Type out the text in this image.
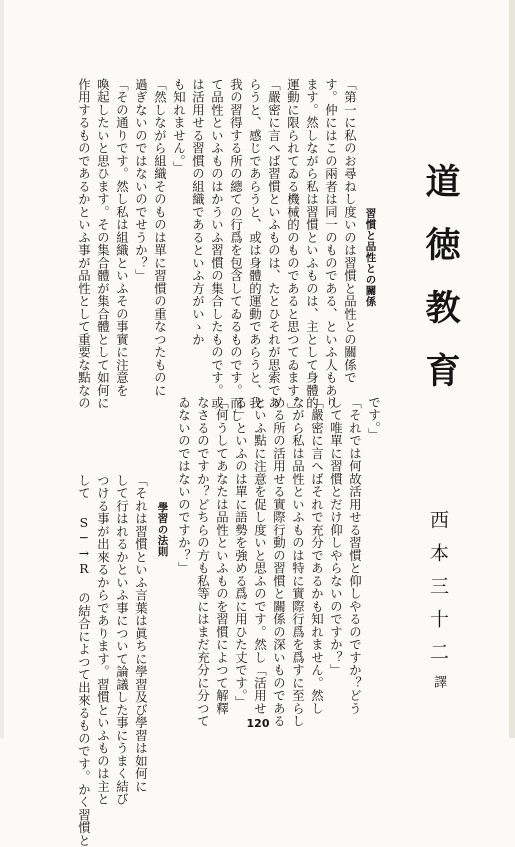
道徳教育
西本三十二譯
「第一に私のお尋ねし度いのは習慣と品性との關係で
す。仲にはこの兩者は同一のものである、といふ人もあり
ます。然しながら私は習慣といふものは、主として身體的
運動に限られてゐる機械的のものであると思つてゐます。」
「嚴密に言へば習慣といふものは、たとひそれが思索であ
らうと、感じであらうと、或は身體的運動であらうと、我
我の習得する所の總ての行爲を包含してゐるものです。而し
て品性といふものはかういふ習慣の集合したものです。或
は活用せる習慣の組織であるといふ方がいゝか
も知れません。」
「然しながら組織そのものは單に習慣の重なつたものに
過ぎないのではないのでせうか？」
「その通りです。然し私は組織といふその事實に注意を
喚起したいと思ひます。その集合體が集合體として如何に
作用するものであるかといふ事が品性として重要な點なの	習慣と品性との關係
です。」
「それでは何故活用せる習慣と仰しやるのですか？どう
して唯單に習慣とだけ仰しやらないのですか？」
「嚴密に言へばそれで充分であるかも知れません。然し
ながら私は品性といふものは特に實際行爲を爲すに至らし
める所の活用せる實際行動の習慣と關係の深いものである
といふ點に注意を促し度いと思ふのです。然し「活用せ
る」といふのは單に語勢を強める爲に用ひた丈です。」
「何うしてあなたは品性といふものを習慣によつて解釋
なさるのですか？どちらの方も私等にはまだ充分に分つて
ゐないのではないのですか？」
學習の法則
「それは習慣といふ言葉は眞ちに學習及び學習は如何に
して行はれるかといふ事について論議した事にうまく結び
つける事が出來るからであります。習慣といふものは主と
して S─→R の結合によつて出來るものです。かく習慣と	120
